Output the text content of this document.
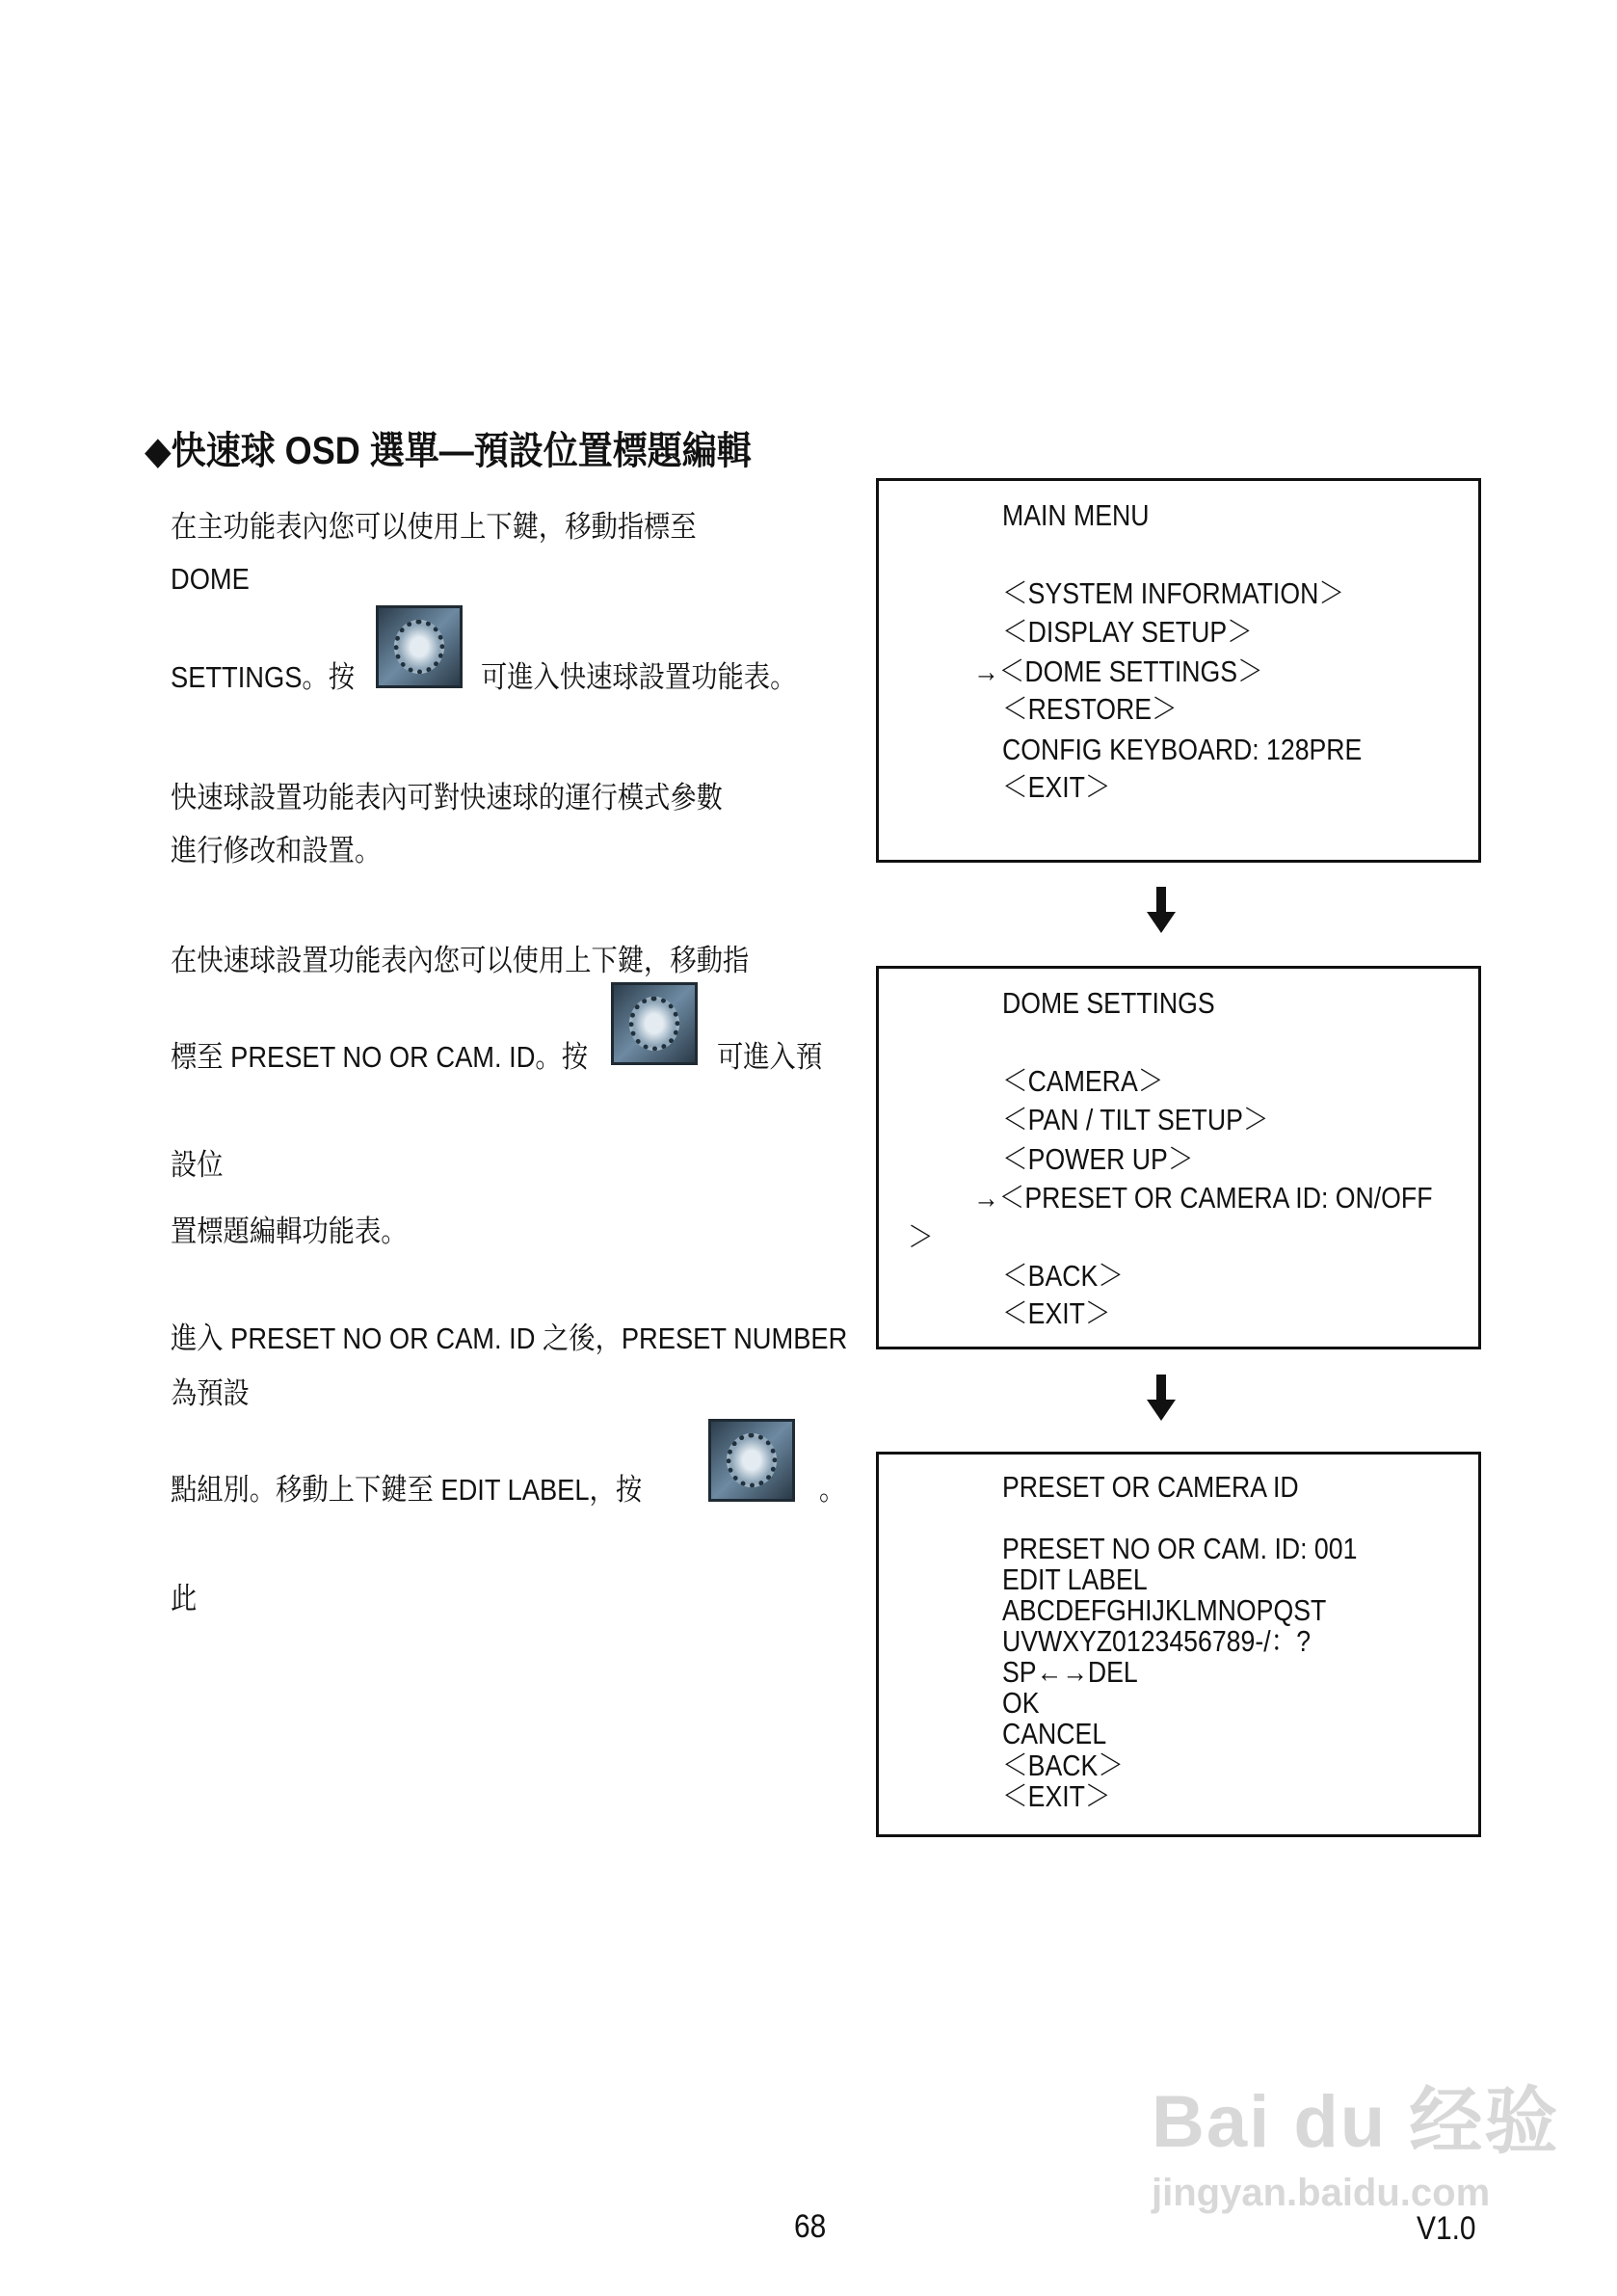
◆快速球 OSD 選單—預設位置標題編輯
在主功能表內您可以使用上下鍵，移動指標至
DOME
SETTINGS。按	可進入快速球設置功能表。
快速球設置功能表內可對快速球的運行模式參數
進行修改和設置。
在快速球設置功能表內您可以使用上下鍵，移動指
標至 PRESET NO OR CAM. ID。按	可進入預
設位
置標題編輯功能表。
進入 PRESET NO OR CAM. ID 之後，PRESET NUMBER
為預設
點組別。移動上下鍵至 EDIT LABEL，按	。
此
MAIN MENU
＜SYSTEM INFORMATION＞
＜DISPLAY SETUP＞
→＜DOME SETTINGS＞
＜RESTORE＞
CONFIG KEYBOARD: 128PRE
＜EXIT＞
DOME SETTINGS
＜CAMERA＞
＜PAN / TILT SETUP＞
＜POWER UP＞
→＜PRESET OR CAMERA ID: ON/OFF
＞
＜BACK＞
＜EXIT＞
PRESET OR CAMERA ID
PRESET NO OR CAM. ID: 001
EDIT LABEL
ABCDEFGHIJKLMNOPQST
UVWXYZ0123456789-/：?
SP←→DEL
OK
CANCEL
＜BACK＞
＜EXIT＞
Bai du 经验
jingyan.baidu.com
68	V1.0
